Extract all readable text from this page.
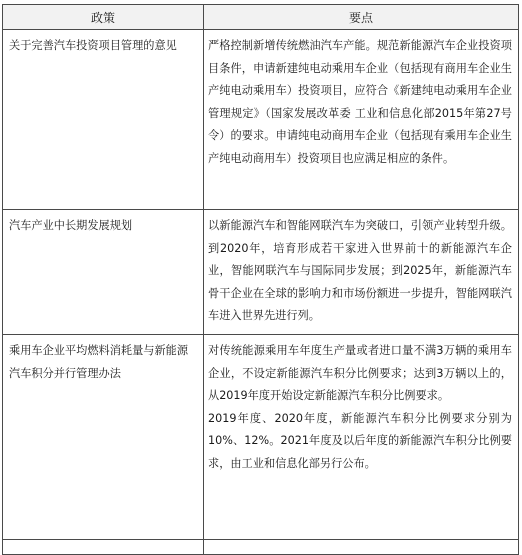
政策	要点
关于完善汽车投资项目管理的意见	严格控制新增传统燃油汽车产能。规范新能源汽车企业投资项目条件，申请新建纯电动乘用车企业（包括现有商用车企业生产纯电动乘用车）投资项目，应符合《新建纯电动乘用车企业管理规定》（国家发展改革委 工业和信息化部2015年第27号令）的要求。申请纯电动商用车企业（包括现有乘用车企业生产纯电动商用车）投资项目也应满足相应的条件。

汽车产业中长期发展规划	以新能源汽车和智能网联汽车为突破口，引领产业转型升级。到2020年，培育形成若干家进入世界前十的新能源汽车企业，智能网联汽车与国际同步发展；到2025年，新能源汽车骨干企业在全球的影响力和市场份额进一步提升，智能网联汽车进入世界先进行列。

乘用车企业平均燃料消耗量与新能源汽车积分并行管理办法	对传统能源乘用车年度生产量或者进口量不满3万辆的乘用车企业，不设定新能源汽车积分比例要求；达到3万辆以上的，从2019年度开始设定新能源汽车积分比例要求。
2019年度、2020年度，新能源汽车积分比例要求分别为10%、12%。2021年度及以后年度的新能源汽车积分比例要求，由工业和信息化部另行公布。
